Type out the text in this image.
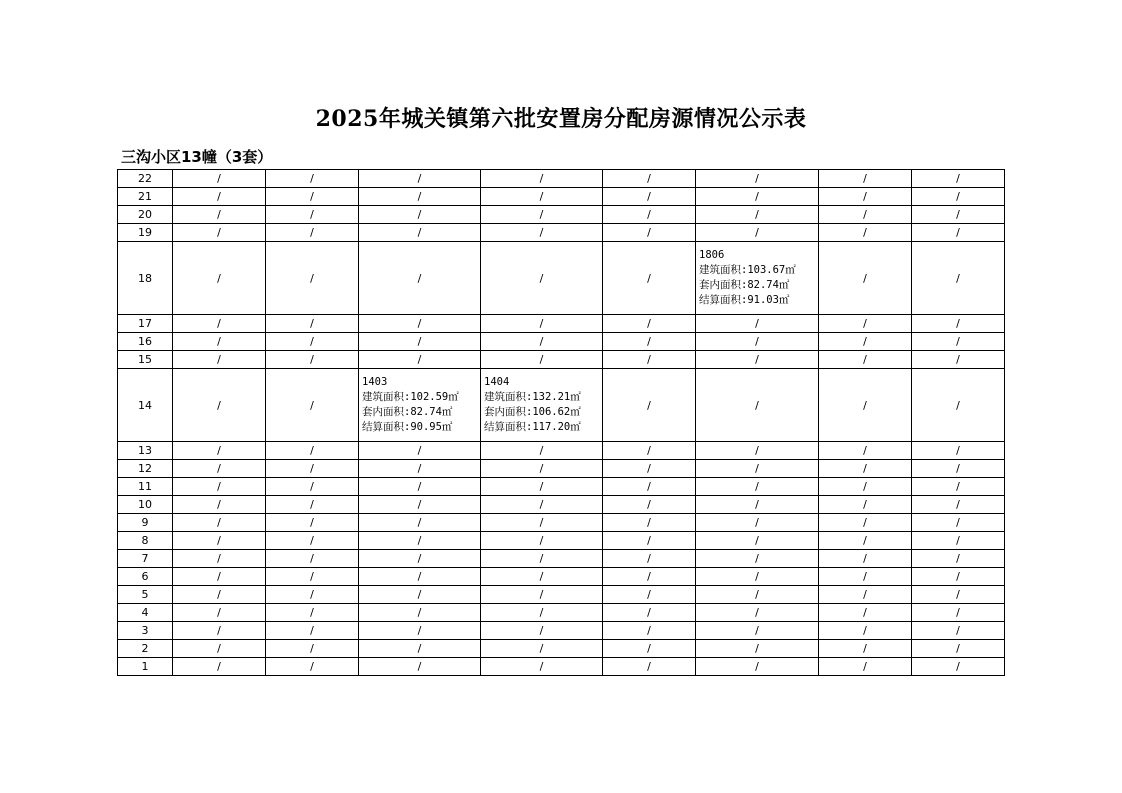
2025年城关镇第六批安置房分配房源情况公示表
三沟小区13幢（3套）
22	/	/	/	/	/	/	/	/
21	/	/	/	/	/	/	/	/
20	/	/	/	/	/	/	/	/
19	/	/	/	/	/	/	/	/
18	/	/	/	/	/	1806
建筑面积:103.67㎡
套内面积:82.74㎡
结算面积:91.03㎡	/	/
17	/	/	/	/	/	/	/	/
16	/	/	/	/	/	/	/	/
15	/	/	/	/	/	/	/	/
14	/	/	1403
建筑面积:102.59㎡
套内面积:82.74㎡
结算面积:90.95㎡	1404
建筑面积:132.21㎡
套内面积:106.62㎡
结算面积:117.20㎡	/	/	/	/
13	/	/	/	/	/	/	/	/
12	/	/	/	/	/	/	/	/
11	/	/	/	/	/	/	/	/
10	/	/	/	/	/	/	/	/
9	/	/	/	/	/	/	/	/
8	/	/	/	/	/	/	/	/
7	/	/	/	/	/	/	/	/
6	/	/	/	/	/	/	/	/
5	/	/	/	/	/	/	/	/
4	/	/	/	/	/	/	/	/
3	/	/	/	/	/	/	/	/
2	/	/	/	/	/	/	/	/
1	/	/	/	/	/	/	/	/
